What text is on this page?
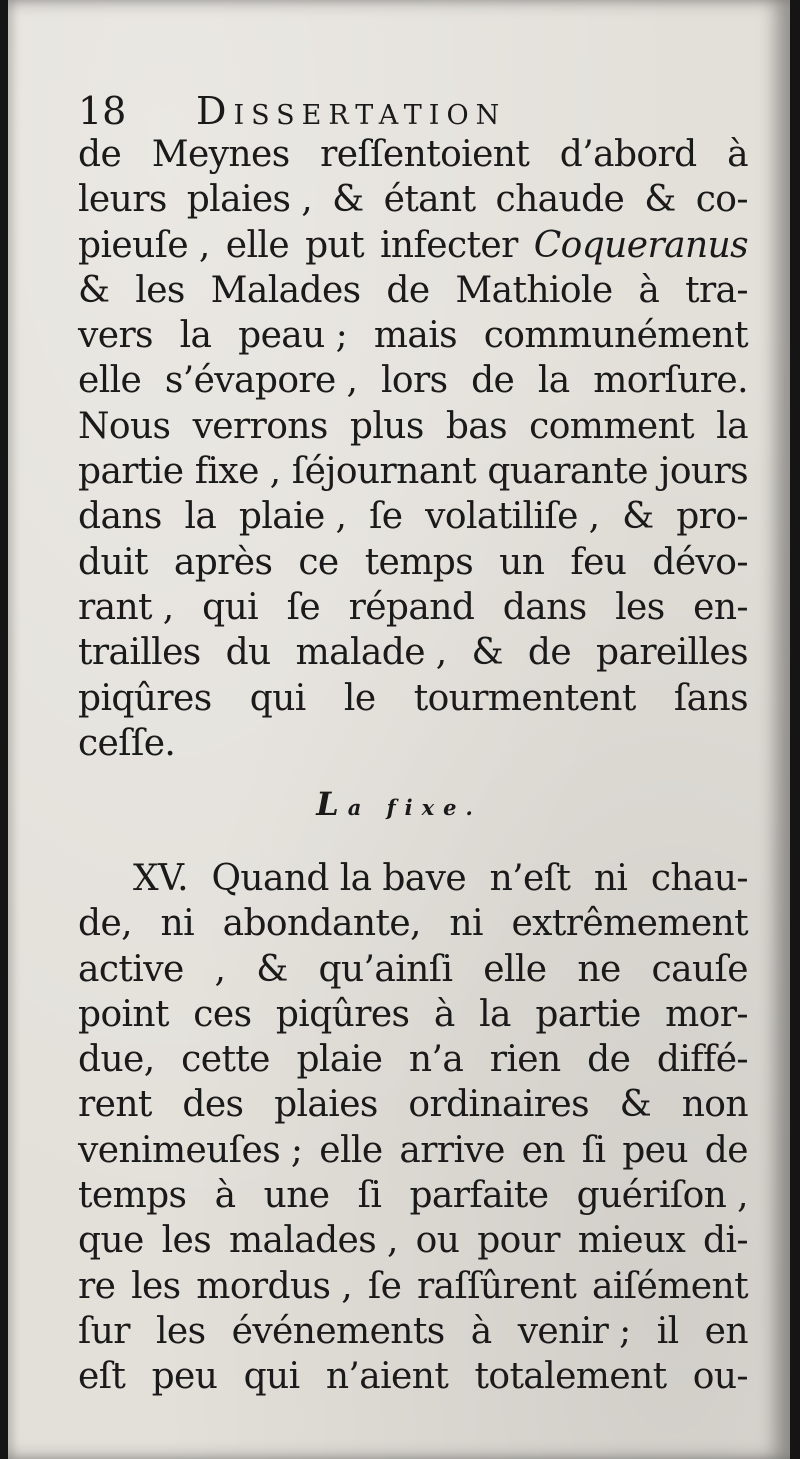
18 Dissertation
de Meynes reſſentoient d’abord à
leurs plaies , & étant chaude & co-
pieuſe , elle put infecter Coqueranus
& les Malades de Mathiole à tra-
vers la peau ; mais communément
elle s’évapore , lors de la morſure.
Nous verrons plus bas comment la
partie fixe , ſéjournant quarante jours
dans la plaie , ſe volatiliſe , & pro-
duit après ce temps un feu dévo-
rant , qui ſe répand dans les en-
trailles du malade , & de pareilles
piqûres qui le tourmentent ſans
ceſſe.
La fixe.
XV. Quand la bave n’eſt ni chau-
de, ni abondante, ni extrêmement
active , & qu’ainſi elle ne cauſe
point ces piqûres à la partie mor-
due, cette plaie n’a rien de diffé-
rent des plaies ordinaires & non
venimeuſes ; elle arrive en ſi peu de
temps à une ſi parfaite guériſon ,
que les malades , ou pour mieux di-
re les mordus , ſe raſſûrent aiſément
ſur les événements à venir ; il en
eſt peu qui n’aient totalement ou-
